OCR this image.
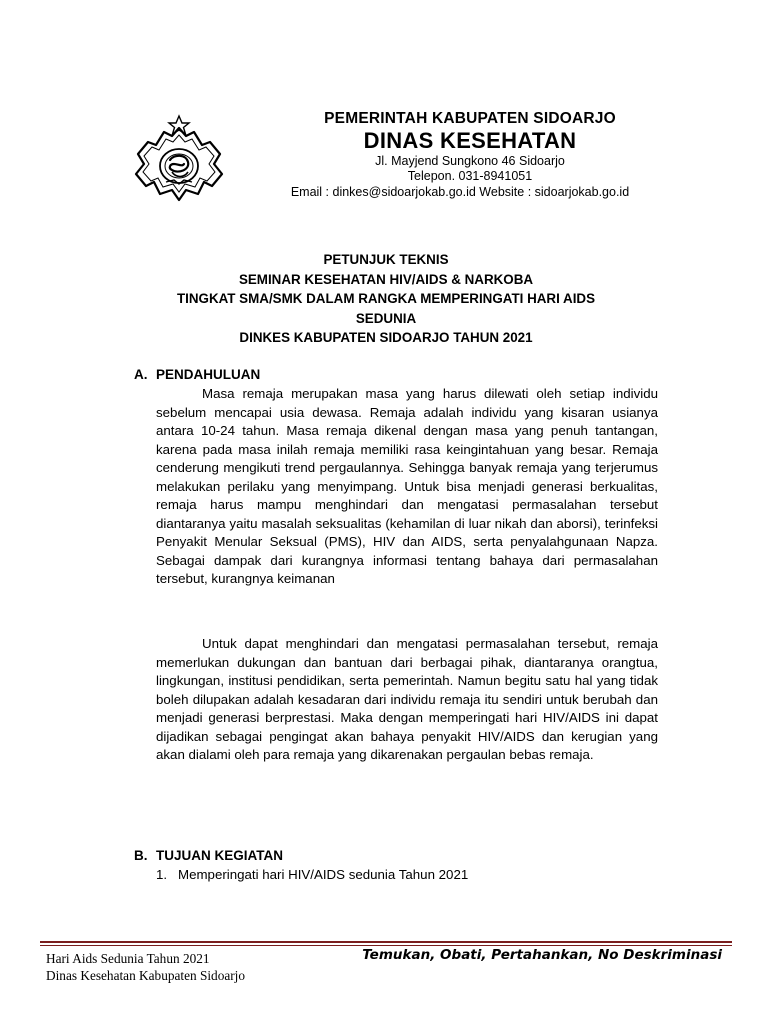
PEMERINTAH KABUPATEN SIDOARJO
DINAS KESEHATAN
Jl. Mayjend Sungkono 46 Sidoarjo
Telepon. 031-8941051
Email : dinkes@sidoarjokab.go.id Website : sidoarjokab.go.id
PETUNJUK TEKNIS
SEMINAR KESEHATAN HIV/AIDS & NARKOBA
TINGKAT SMA/SMK DALAM RANGKA MEMPERINGATI HARI AIDS
SEDUNIA
DINKES KABUPATEN SIDOARJO TAHUN 2021
A. PENDAHULUAN
Masa remaja merupakan masa yang harus dilewati oleh setiap individu sebelum mencapai usia dewasa. Remaja adalah individu yang kisaran usianya antara 10-24 tahun. Masa remaja dikenal dengan masa yang penuh tantangan, karena pada masa inilah remaja memiliki rasa keingintahuan yang besar. Remaja cenderung mengikuti trend pergaulannya. Sehingga banyak remaja yang terjerumus melakukan perilaku yang menyimpang. Untuk bisa menjadi generasi berkualitas, remaja harus mampu menghindari dan mengatasi permasalahan tersebut diantaranya yaitu masalah seksualitas (kehamilan di luar nikah dan aborsi), terinfeksi Penyakit Menular Seksual (PMS), HIV dan AIDS, serta penyalahgunaan Napza. Sebagai dampak dari kurangnya informasi tentang bahaya dari permasalahan tersebut, kurangnya keimanan
Untuk dapat menghindari dan mengatasi permasalahan tersebut, remaja memerlukan dukungan dan bantuan dari berbagai pihak, diantaranya orangtua, lingkungan, institusi pendidikan, serta pemerintah. Namun begitu satu hal yang tidak boleh dilupakan adalah kesadaran dari individu remaja itu sendiri untuk berubah dan menjadi generasi berprestasi. Maka dengan memperingati hari HIV/AIDS ini dapat dijadikan sebagai pengingat akan bahaya penyakit HIV/AIDS dan kerugian yang akan dialami oleh para remaja yang dikarenakan pergaulan bebas remaja.
B. TUJUAN KEGIATAN
1. Memperingati hari HIV/AIDS sedunia Tahun 2021
Temukan, Obati, Pertahankan, No Deskriminasi
Hari Aids Sedunia Tahun 2021
Dinas Kesehatan Kabupaten Sidoarjo
